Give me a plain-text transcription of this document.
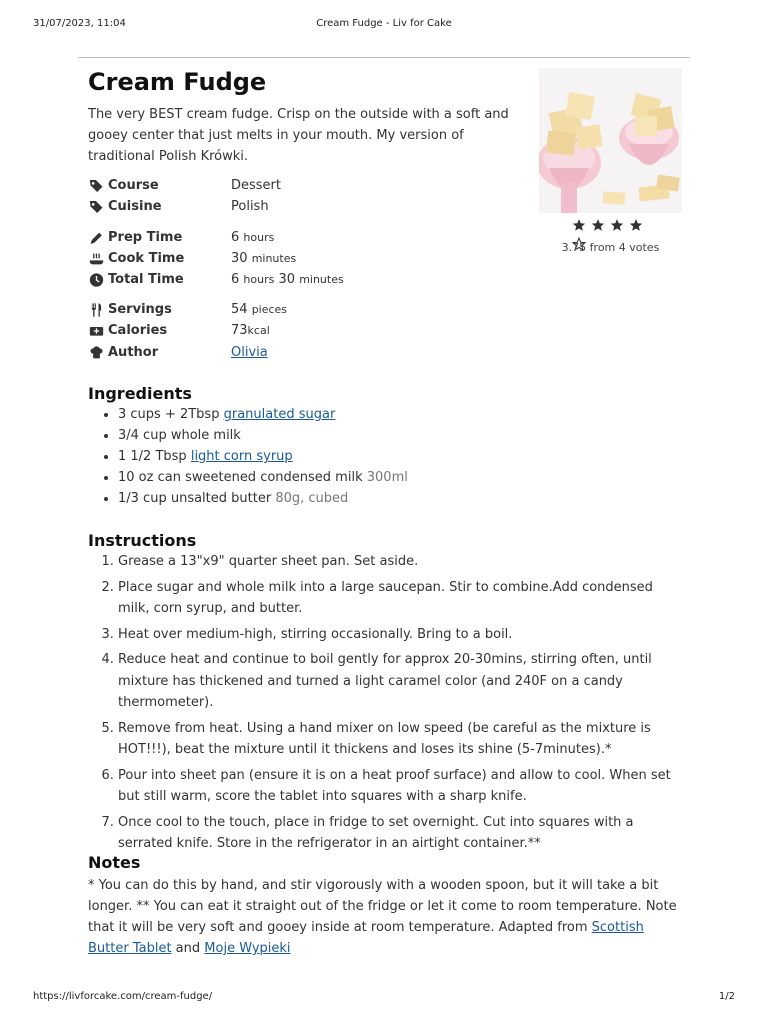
31/07/2023, 11:04	Cream Fudge - Liv for Cake
Cream Fudge
The very BEST cream fudge. Crisp on the outside with a soft and gooey center that just melts in your mouth. My version of traditional Polish Krówki.

3.75 from 4 votes
Course	Dessert
Cuisine	Polish
Prep Time	6 hours
Cook Time	30 minutes
Total Time	6 hours 30 minutes
Servings	54 pieces
Calories	73kcal
Author	Olivia
Ingredients
• 3 cups + 2Tbsp granulated sugar
• 3/4 cup whole milk
• 1 1/2 Tbsp light corn syrup
• 10 oz can sweetened condensed milk 300ml
• 1/3 cup unsalted butter 80g, cubed
Instructions
1. Grease a 13"x9" quarter sheet pan. Set aside.
2. Place sugar and whole milk into a large saucepan. Stir to combine.Add condensed milk, corn syrup, and butter.
3. Heat over medium-high, stirring occasionally. Bring to a boil.
4. Reduce heat and continue to boil gently for approx 20-30mins, stirring often, until mixture has thickened and turned a light caramel color (and 240F on a candy thermometer).
5. Remove from heat. Using a hand mixer on low speed (be careful as the mixture is HOT!!!), beat the mixture until it thickens and loses its shine (5-7minutes).*
6. Pour into sheet pan (ensure it is on a heat proof surface) and allow to cool. When set but still warm, score the tablet into squares with a sharp knife.
7. Once cool to the touch, place in fridge to set overnight. Cut into squares with a serrated knife. Store in the refrigerator in an airtight container.**
Notes
* You can do this by hand, and stir vigorously with a wooden spoon, but it will take a bit longer. ** You can eat it straight out of the fridge or let it come to room temperature. Note that it will be very soft and gooey inside at room temperature. Adapted from Scottish Butter Tablet and Moje Wypieki
https://livforcake.com/cream-fudge/	1/2
